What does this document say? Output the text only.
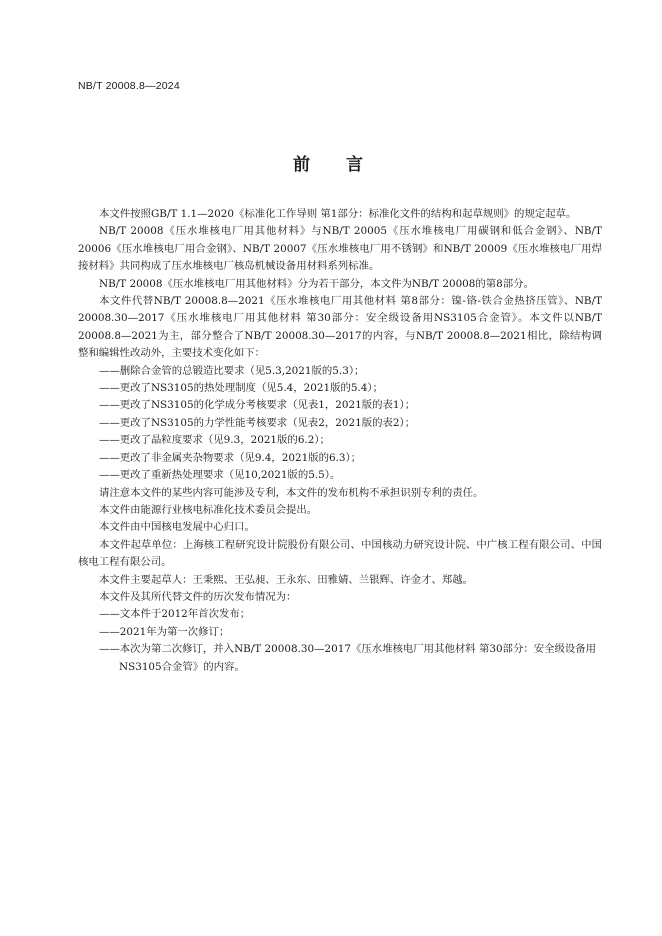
NB/T 20008.8—2024
前言

本文件按照GB/T 1.1—2020《标准化工作导则 第1部分：标准化文件的结构和起草规则》的规定起草。

NB/T 20008《压水堆核电厂用其他材料》与NB/T 20005《压水堆核电厂用碳钢和低合金钢》、NB/T 20006《压水堆核电厂用合金钢》、NB/T 20007《压水堆核电厂用不锈钢》和NB/T 20009《压水堆核电厂用焊接材料》共同构成了压水堆核电厂核岛机械设备用材料系列标准。

NB/T 20008《压水堆核电厂用其他材料》分为若干部分，本文件为NB/T 20008的第8部分。

本文件代替NB/T 20008.8—2021《压水堆核电厂用其他材料 第8部分：镍-铬-铁合金热挤压管》、NB/T 20008.30—2017《压水堆核电厂用其他材料 第30部分：安全级设备用NS3105合金管》。本文件以NB/T 20008.8—2021为主，部分整合了NB/T 20008.30—2017的内容，与NB/T 20008.8—2021相比，除结构调整和编辑性改动外，主要技术变化如下：

——删除合金管的总锻造比要求（见5.3,2021版的5.3）；

——更改了NS3105的热处理制度（见5.4，2021版的5.4）；

——更改了NS3105的化学成分考核要求（见表1，2021版的表1）；

——更改了NS3105的力学性能考核要求（见表2，2021版的表2）；

——更改了晶粒度要求（见9.3，2021版的6.2）；

——更改了非金属夹杂物要求（见9.4，2021版的6.3）；

——更改了重新热处理要求（见10,2021版的5.5）。

请注意本文件的某些内容可能涉及专利，本文件的发布机构不承担识别专利的责任。

本文件由能源行业核电标准化技术委员会提出。

本文件由中国核电发展中心归口。

本文件起草单位：上海核工程研究设计院股份有限公司、中国核动力研究设计院、中广核工程有限公司、中国核电工程有限公司。

本文件主要起草人：王秉熙、王弘昶、王永东、田雅婧、兰银辉、许金才、郑越。

本文件及其所代替文件的历次发布情况为：

——文本件于2012年首次发布；

——2021年为第一次修订；

——本次为第二次修订，并入NB/T 20008.30—2017《压水堆核电厂用其他材料 第30部分：安全级设备用NS3105合金管》的内容。
